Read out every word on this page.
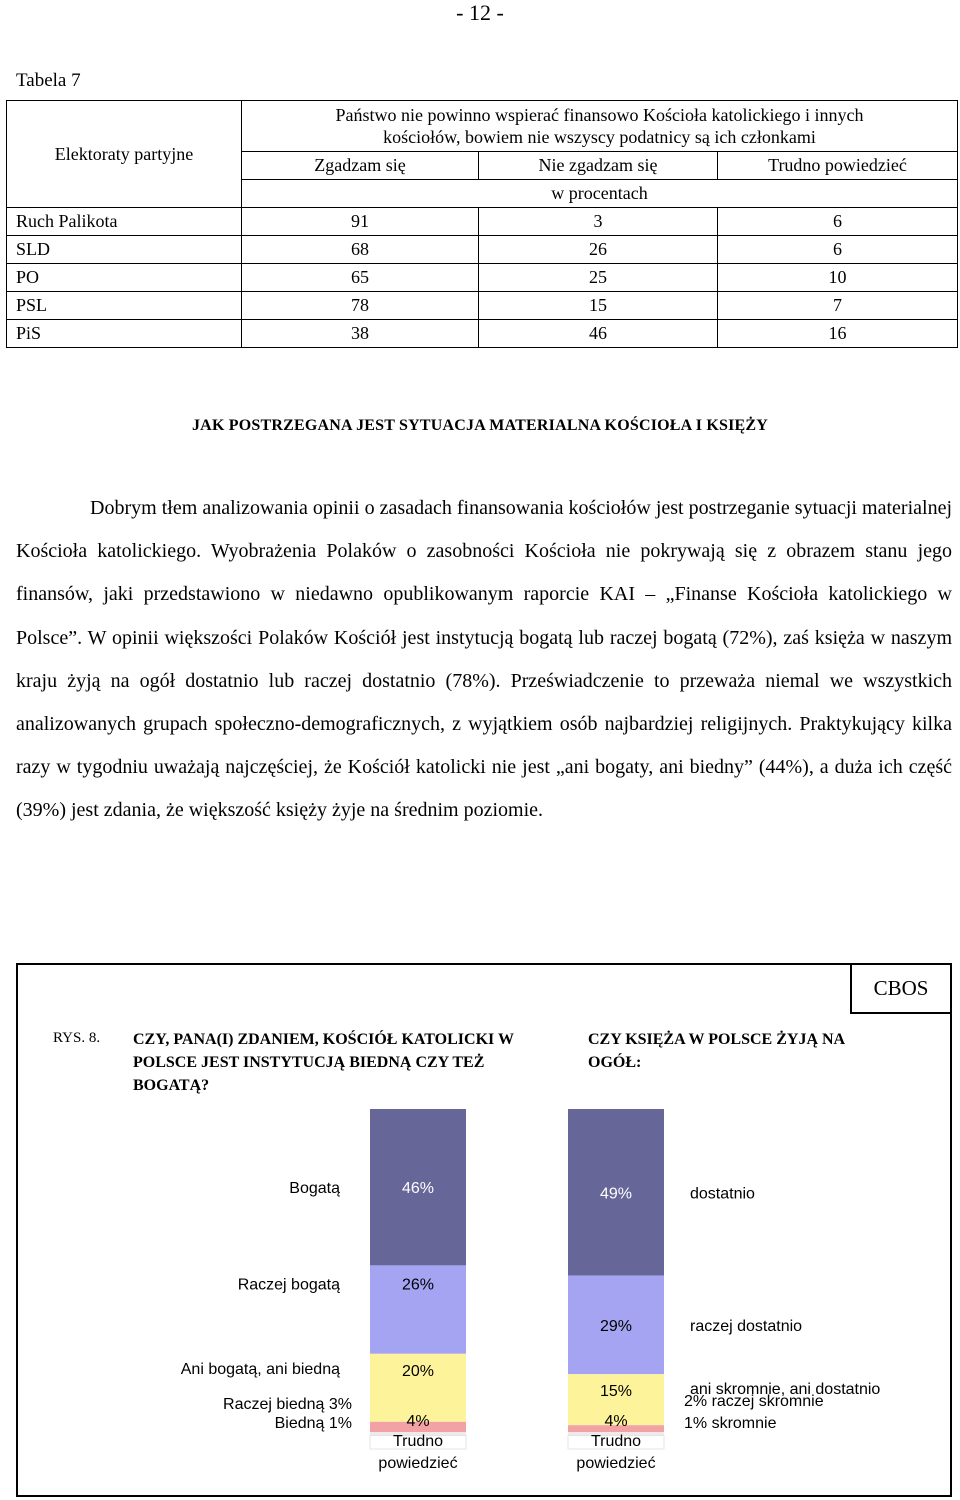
- 12 -
Tabela 7
Elektoraty partyjne	Państwo nie powinno wspierać finansowo Kościoła katolickiego i innych
kościołów, bowiem nie wszyscy podatnicy są ich członkami		
	Zgadzam się	Nie zgadzam się	Trudno powiedzieć
	w procentach		
Ruch Palikota	91	3	6
SLD	68	26	6
PO	65	25	10
PSL	78	15	7
PiS	38	46	16
JAK POSTRZEGANA JEST SYTUACJA MATERIALNA KOŚCIOŁA I KSIĘŻY

Dobrym tłem analizowania opinii o zasadach finansowania kościołów jest postrzeganie sytuacji materialnej Kościoła katolickiego. Wyobrażenia Polaków o zasobności Kościoła nie pokrywają się z obrazem stanu jego finansów, jaki przedstawiono w niedawno opublikowanym raporcie KAI – „Finanse Kościoła katolickiego w Polsce”. W opinii większości Polaków Kościół jest instytucją bogatą lub raczej bogatą (72%), zaś księża w naszym kraju żyją na ogół dostatnio lub raczej dostatnio (78%). Przeświadczenie to przeważa niemal we wszystkich analizowanych grupach społeczno-demograficznych, z wyjątkiem osób najbardziej religijnych. Praktykujący kilka razy w tygodniu uważają najczęściej, że Kościół katolicki nie jest „ani bogaty, ani biedny” (44%), a duża ich część (39%) jest zdania, że większość księży żyje na średnim poziomie.

CBOS
RYS. 8. CZY, PANA(I) ZDANIEM, KOŚCIÓŁ KATOLICKI W POLSCE JEST INSTYTUCJĄ BIEDNĄ CZY TEŻ BOGATĄ?
CZY KSIĘŻA W POLSCE ŻYJĄ NA OGÓŁ:
46%
Bogatą
26%
Raczej bogatą
20%
Ani bogatą, ani biedną
Raczej biedną 3%
Biedną 1%	4%
Trudno
powiedzieć
49%	dostatnio
29%	raczej dostatnio
15%	ani skromnie, ani dostatnio
2% raczej skromnie
1% skromnie
4%
Trudno
powiedzieć
